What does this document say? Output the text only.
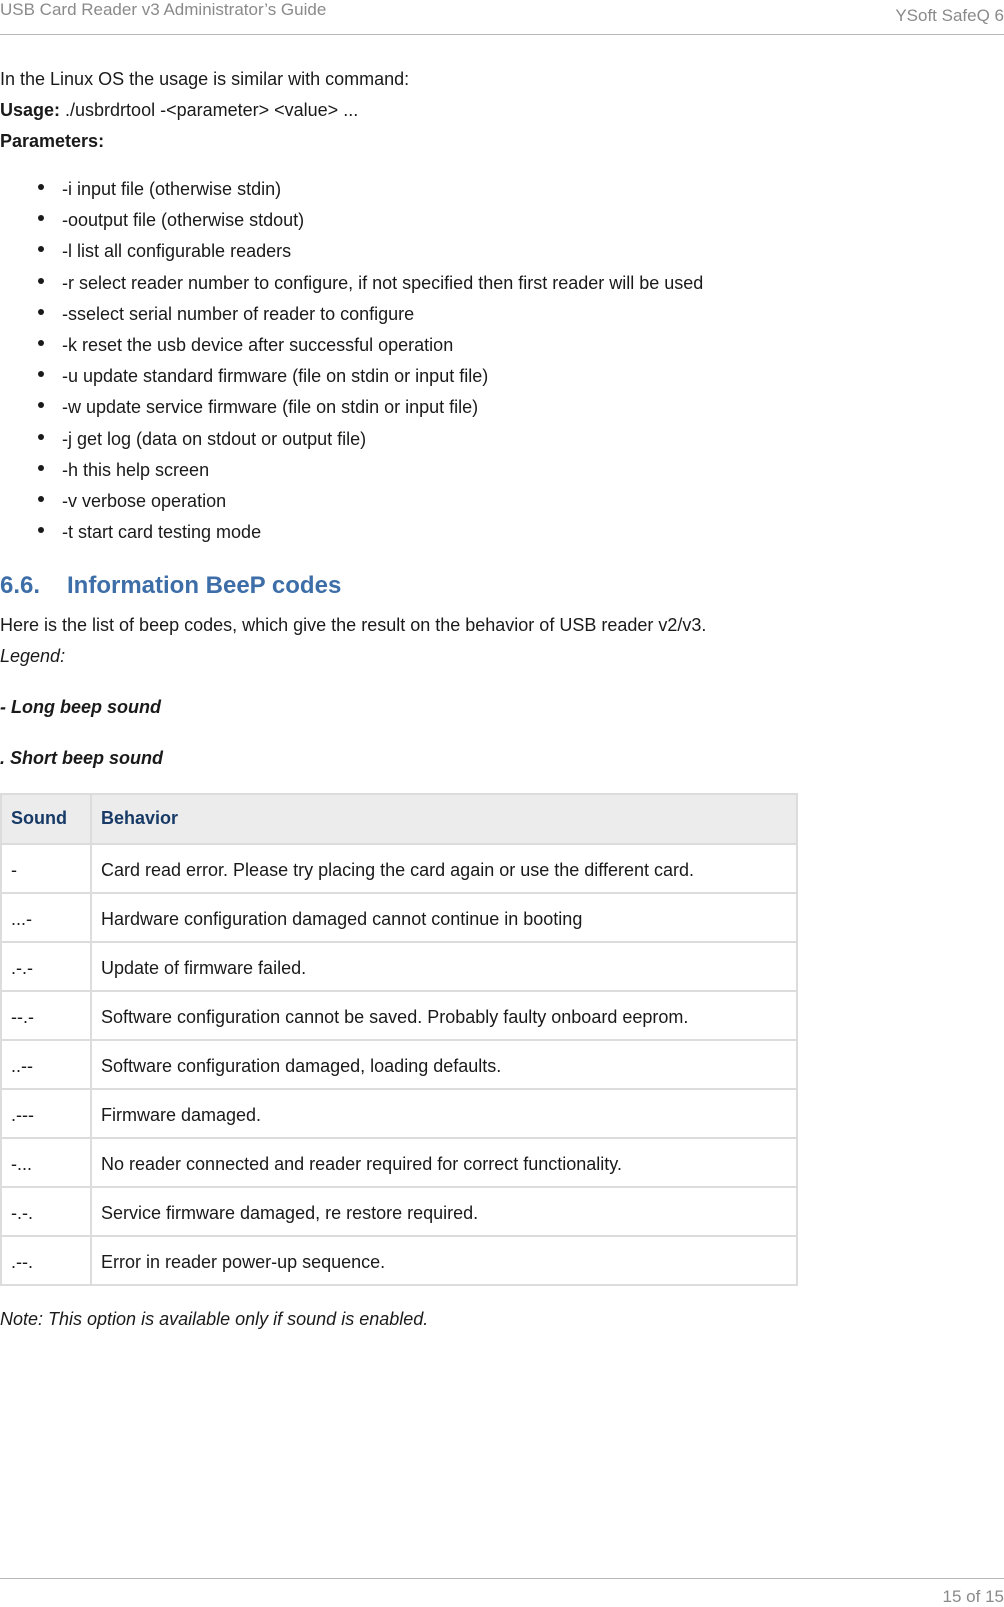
USB Card Reader v3 Administrator’s Guide	YSoft SafeQ 6

In the Linux OS the usage is similar with command:

Usage: ./usbrdrtool -<parameter> <value> ...

Parameters:

-i input file (otherwise stdin)
-ooutput file (otherwise stdout)
-l list all configurable readers
-r select reader number to configure, if not specified then first reader will be used
-sselect serial number of reader to configure
-k reset the usb device after successful operation
-u update standard firmware (file on stdin or input file)
-w update service firmware (file on stdin or input file)
-j get log (data on stdout or output file)
-h this help screen
-v verbose operation
-t start card testing mode
6.6. Information BeeP codes

Here is the list of beep codes, which give the result on the behavior of USB reader v2/v3.

Legend:

- Long beep sound

. Short beep sound

Sound	Behavior
-	Card read error. Please try placing the card again or use the different card.
...-	Hardware configuration damaged cannot continue in booting
.-.-	Update of firmware failed.
--.-	Software configuration cannot be saved. Probably faulty onboard eeprom.
..--	Software configuration damaged, loading defaults.
.---	Firmware damaged.
-...	No reader connected and reader required for correct functionality.
-.-.	Service firmware damaged, re restore required.
.--.	Error in reader power-up sequence.

Note: This option is available only if sound is enabled.

15 of 15
